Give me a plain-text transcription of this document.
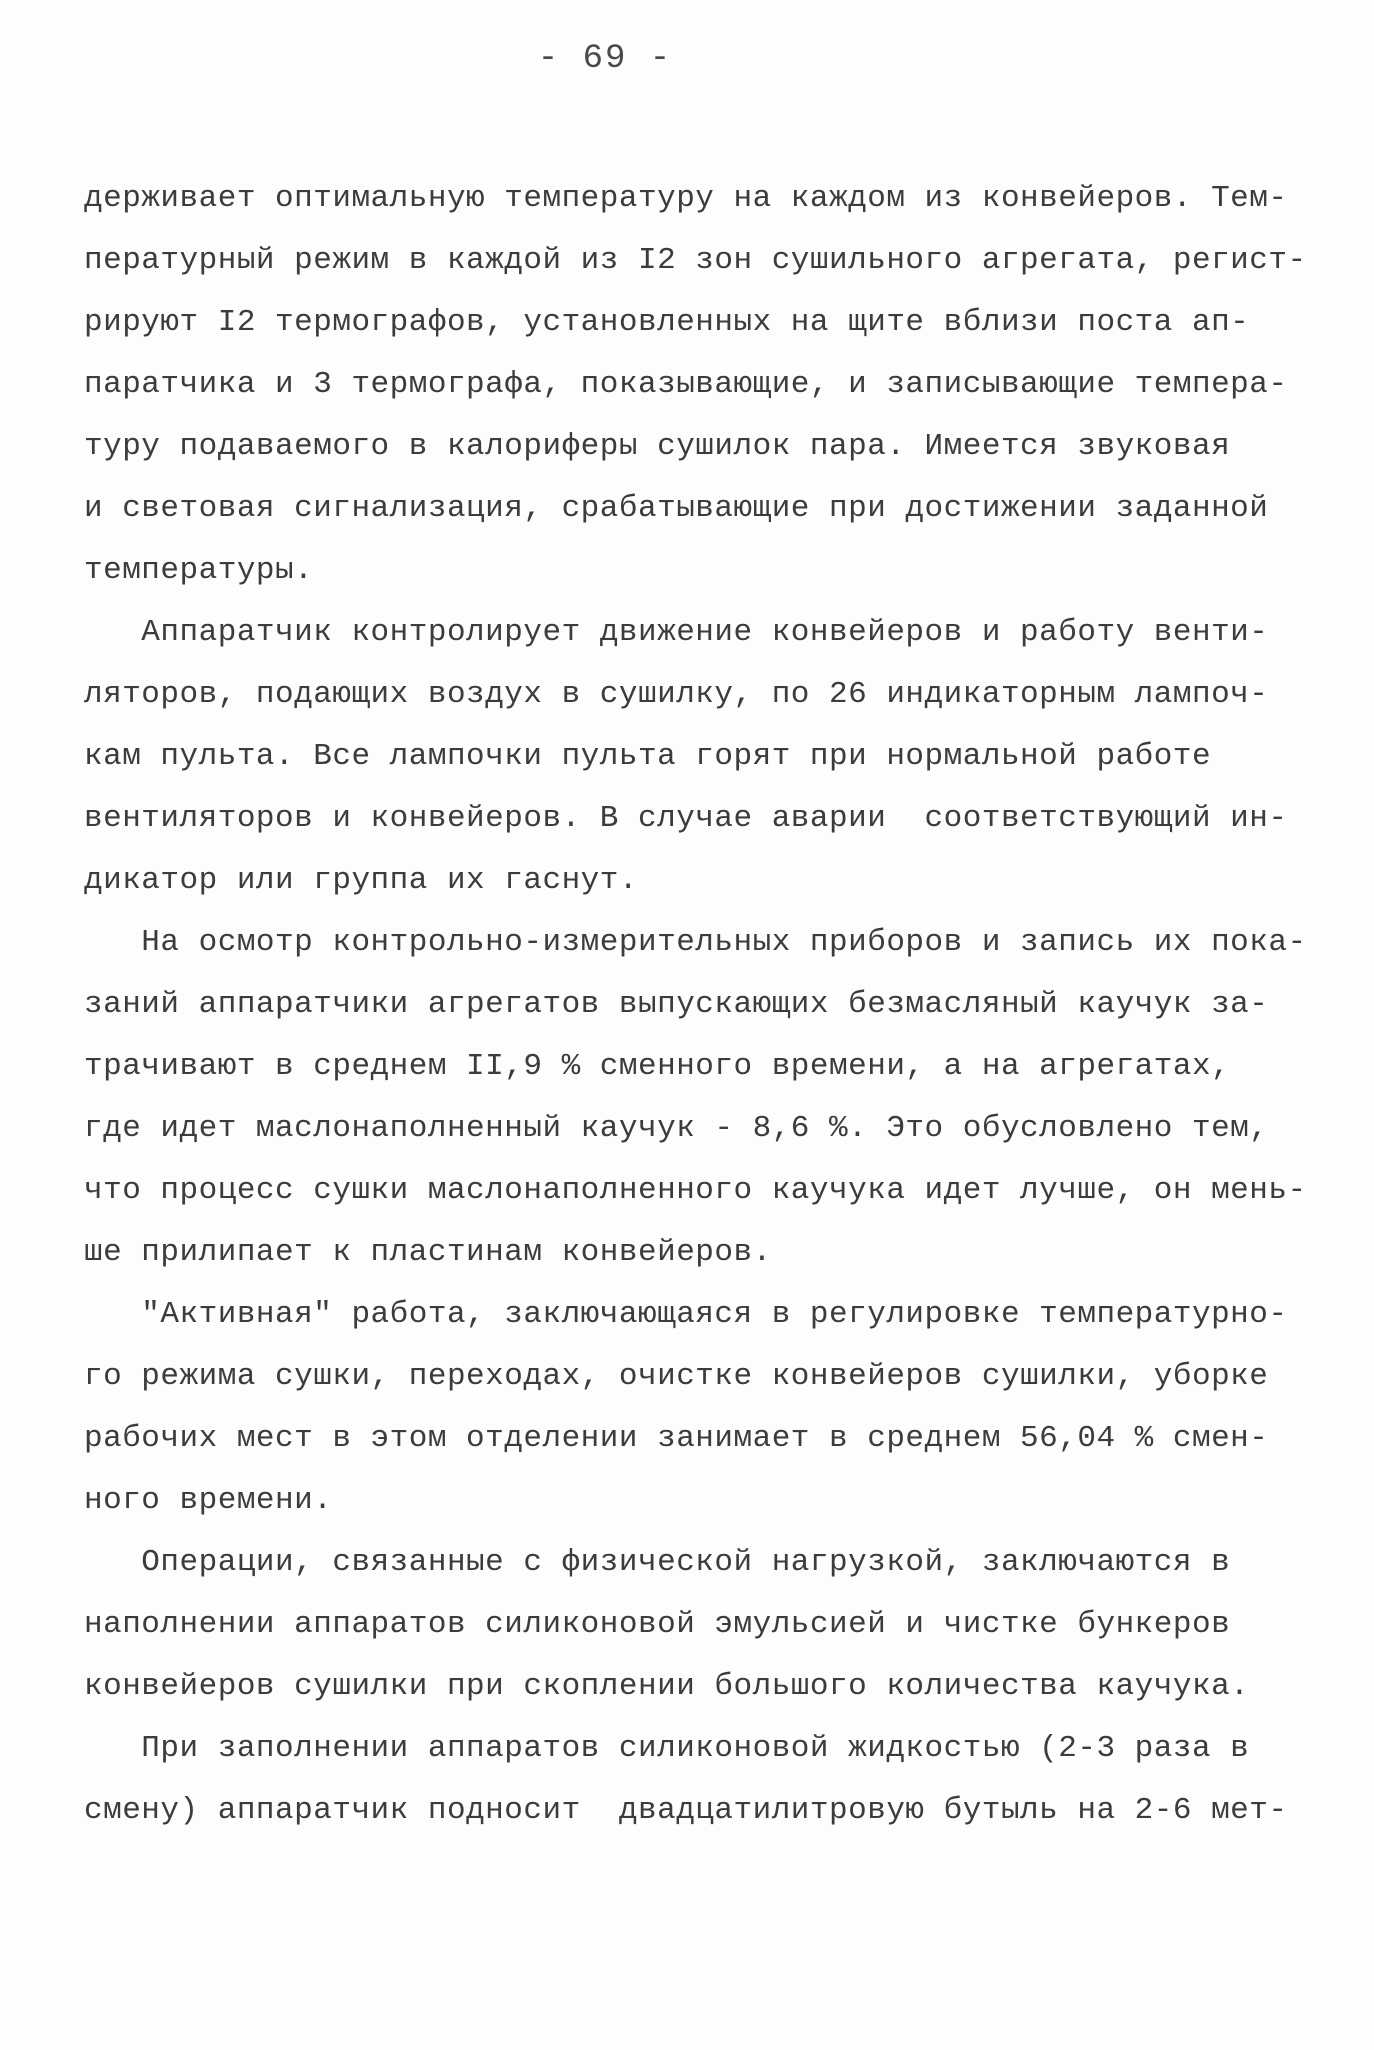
- 69 -
держивает оптимальную температуру на каждом из конвейеров. Тем-
пературный режим в каждой из I2 зон сушильного агрегата, регист-
рируют I2 термографов, установленных на щите вблизи поста ап-
паратчика и 3 термографа, показывающие, и записывающие темпера-
туру подаваемого в калориферы сушилок пара. Имеется звуковая
и световая сигнализация, срабатывающие при достижении заданной
температуры.
Аппаратчик контролирует движение конвейеров и работу венти-
ляторов, подающих воздух в сушилку, по 26 индикаторным лампоч-
кам пульта. Все лампочки пульта горят при нормальной работе
вентиляторов и конвейеров. В случае аварии  соответствующий ин-
дикатор или группа их гаснут.
На осмотр контрольно-измерительных приборов и запись их пока-
заний аппаратчики агрегатов выпускающих безмасляный каучук за-
трачивают в среднем II,9 % сменного времени, а на агрегатах,
где идет маслонаполненный каучук - 8,6 %. Это обусловлено тем,
что процесс сушки маслонаполненного каучука идет лучше, он мень-
ше прилипает к пластинам конвейеров.
"Активная" работа, заключающаяся в регулировке температурно-
го режима сушки, переходах, очистке конвейеров сушилки, уборке
рабочих мест в этом отделении занимает в среднем 56,04 % смен-
ного времени.
Операции, связанные с физической нагрузкой, заключаются в
наполнении аппаратов силиконовой эмульсией и чистке бункеров
конвейеров сушилки при скоплении большого количества каучука.
При заполнении аппаратов силиконовой жидкостью (2-3 раза в
смену) аппаратчик подносит  двадцатилитровую бутыль на 2-6 мет-
